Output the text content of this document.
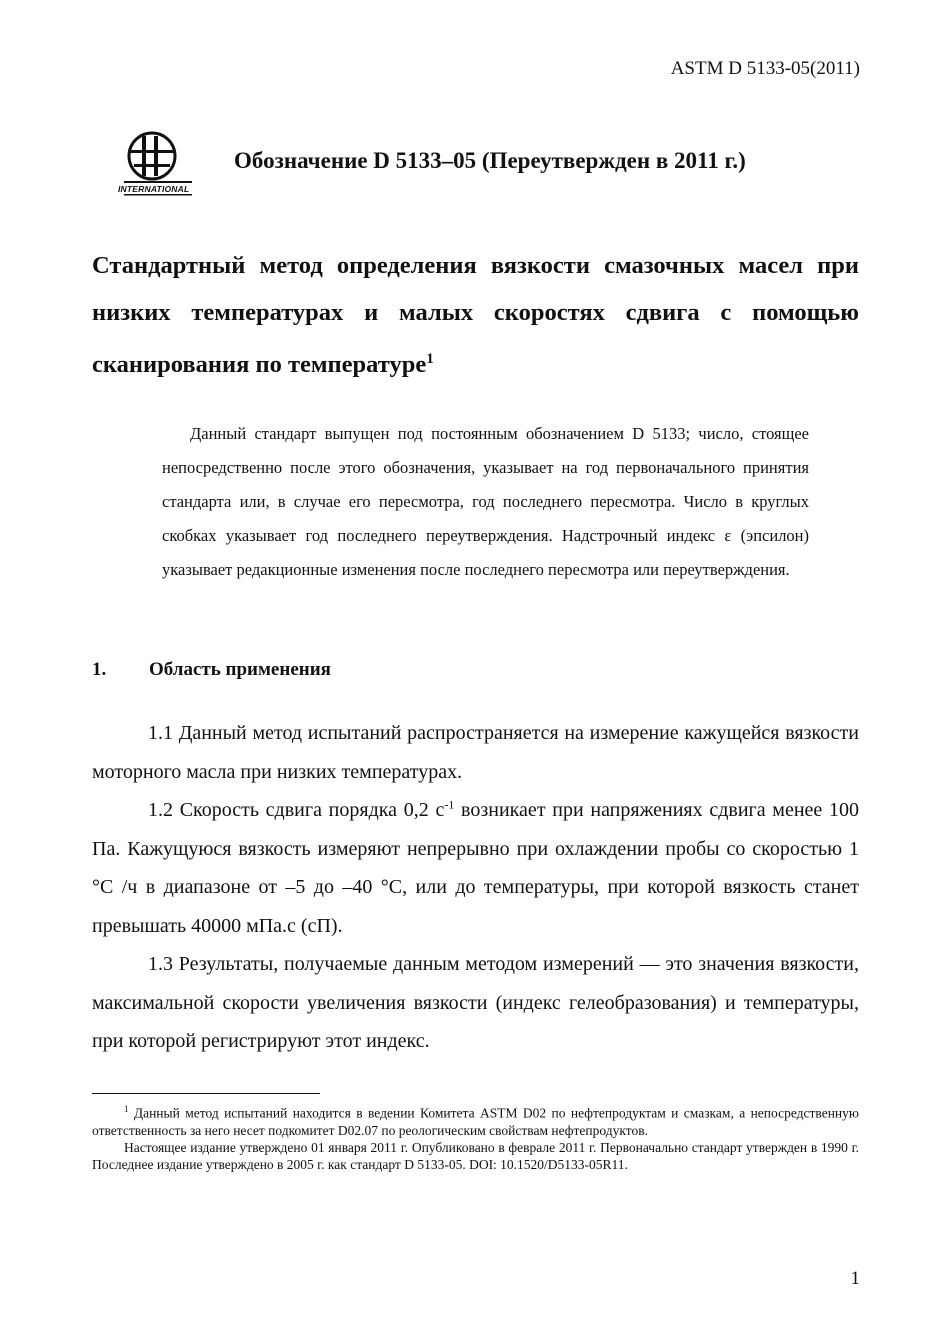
ASTM D 5133-05(2011)
INTERNATIONAL
Обозначение D 5133–05 (Переутвержден в 2011 г.)
Стандартный метод определения вязкости смазочных масел при низких температурах и малых скоростях сдвига с помощью сканирования по температуре$^1$
Данный стандарт выпущен под постоянным обозначением D 5133; число, стоящее непосредственно после этого обозначения, указывает на год первоначального принятия стандарта или, в случае его пересмотра, год последнего пересмотра. Число в круглых скобках указывает год последнего переутверждения. Надстрочный индекс ε (эпсилон) указывает редакционные изменения после последнего пересмотра или переутверждения.
1. Область применения

1.1 Данный метод испытаний распространяется на измерение кажущейся вязкости моторного масла при низких температурах.

1.2 Скорость сдвига порядка 0,2 $с^{-1}$ возникает при напряжениях сдвига менее 100 Па. Кажущуюся вязкость измеряют непрерывно при охлаждении пробы со скоростью 1 °С /ч в диапазоне от –5 до –40 °С, или до температуры, при которой вязкость станет превышать 40000 мПа.с (сП).

1.3 Результаты, получаемые данным методом измерений — это значения вязкости, максимальной скорости увеличения вязкости (индекс гелеобразования) и температуры, при которой регистрируют этот индекс.

$^1$ Данный метод испытаний находится в ведении Комитета ASTM D02 по нефтепродуктам и смазкам, а непосредственную ответственность за него несет подкомитет D02.07 по реологическим свойствам нефтепродуктов.

Настоящее издание утверждено 01 января 2011 г. Опубликовано в феврале 2011 г. Первоначально стандарт утвержден в 1990 г. Последнее издание утверждено в 2005 г. как стандарт D 5133-05. DOI: 10.1520/D5133-05R11.

1
